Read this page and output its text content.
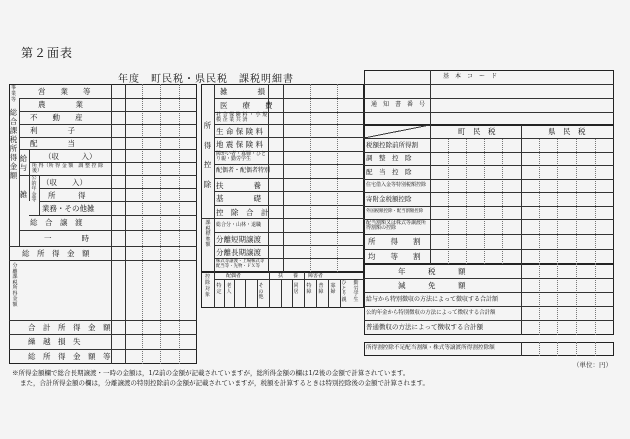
第２面表
年度　町民税・県民税　課税明細書
総合課税所得金額
事業等
営　　業　　等
農　　　　業
不　　動　　産
利　　　　子
配　　　　当
給与
（収　　　入）
所 得（所 得 金 額　調 整 控 除 後）
雑
公的年金等
（収　　入）
所　　　得
業務・その他雑
総　合　譲　渡
一　　　　時
総　所　得　金　額
分離課税所得金額
合　計　所　得　金　額
繰　越　損　失
総　所　得　金　額　等
所得控除
雑　　　　損
医　　療　　費
社 会 保 険 料 ・ 小 規 模 企 業 共 済
生 命 保 険 料
地 震 保 険 料
障がい者・寡婦・ひとり親・勤労学生
配偶者・配偶者特別
扶　　　　養
基　　　　礎
控　除　合　計
課税標準額
総合分・山林・退職
分離短期譲渡
分離長期譲渡
株式等譲渡・上場株式等配当等・先物・ＦＸ等
控除対象
配偶者	扶　　養 障害者
特定
老人
その他
同居
特障
普障
寡婦
ひとり親
勤労学生
基　本　コ　ー　ド
通　知　書　番　号
町　民　税	県　民　税
税額控除前所得割
調　整　控　除
配　当　控　除
住宅借入金等特別税額控除
寄附金税額控除
外国税額控除・配当割額控除
配当割額又は株式等譲渡所得割額の控除
所　　得　　割
均　　等　　割
年　　　税　　　額
減　　　免　　　額
給与から特別徴収の方法によって徴収する合計額
公的年金から特別徴収の方法によって徴収する合計額
普通徴収の方法によって徴収する合計額
所得割控除不足配当割額・株式等譲渡所得割控除額
（単位：円）
※所得金額欄で総合長期譲渡・一時の金額は，1/2前の金額が記載されていますが，総所得金額の欄は1/2後の金額で計算されています。
また，合計所得金額の欄は，分離譲渡の特別控除前の金額が記載されていますが，税額を計算するときは特別控除後の金額で計算されます。
